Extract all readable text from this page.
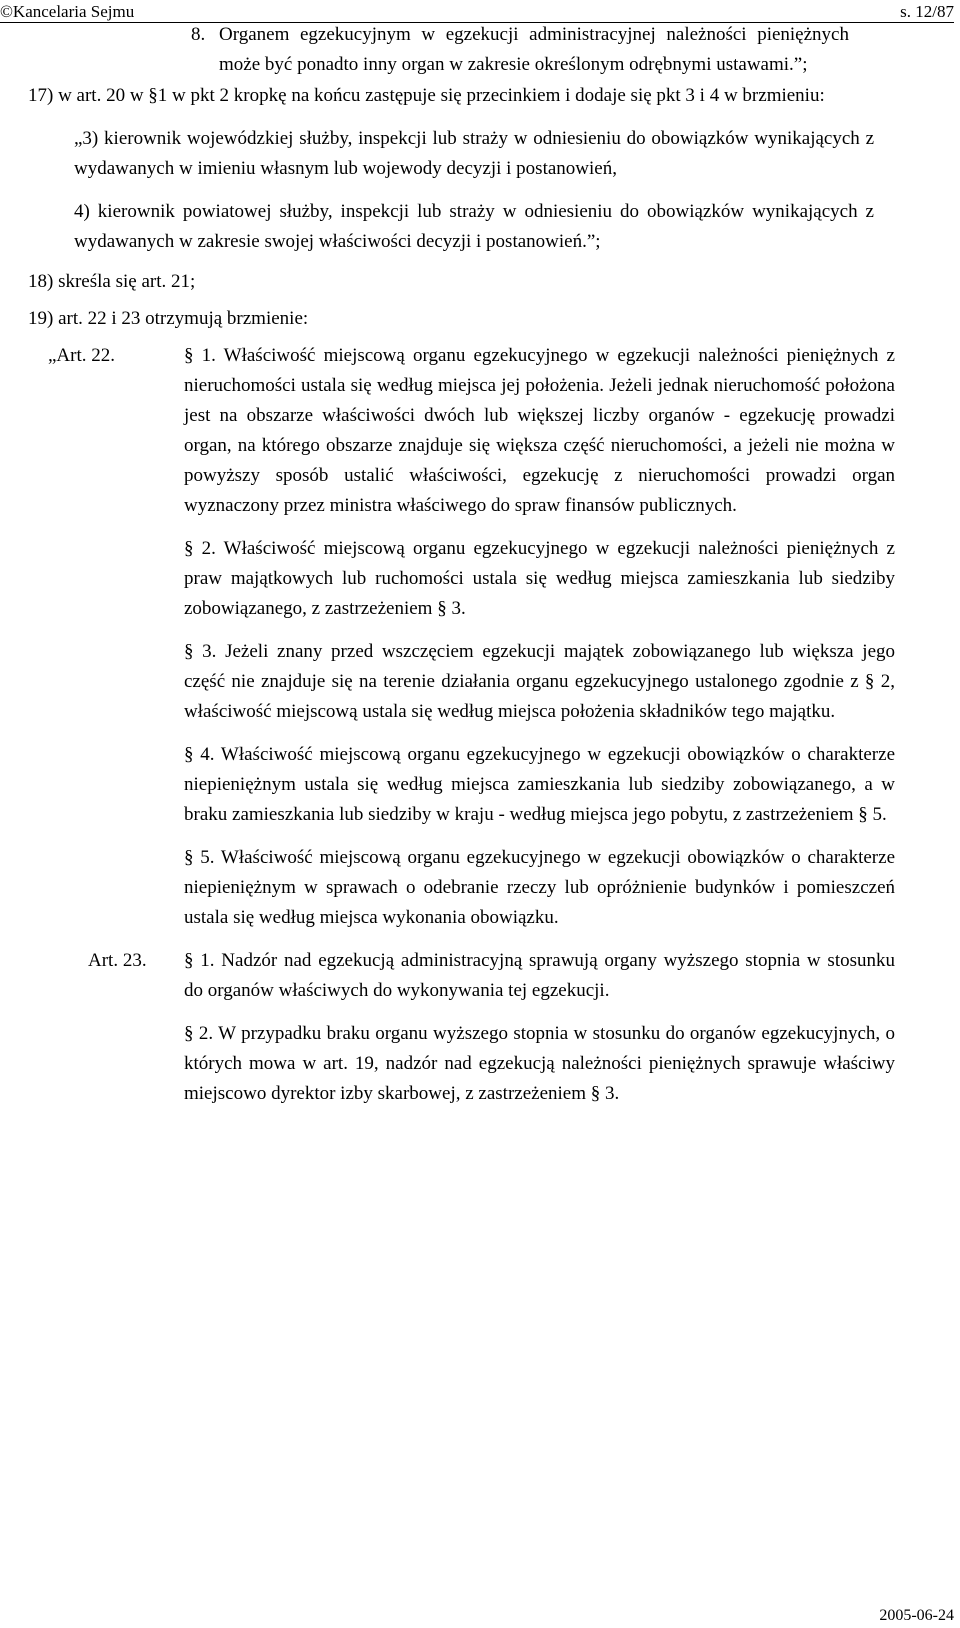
©Kancelaria Sejmu	s. 12/87
8. Organem egzekucyjnym w egzekucji administracyjnej należności pieniężnych może być ponadto inny organ w zakresie określonym odrębnymi ustawami.”;
17) w art. 20 w §1 w pkt 2 kropkę na końcu zastępuje się przecinkiem i dodaje się pkt 3 i 4 w brzmieniu:
„3) kierownik wojewódzkiej służby, inspekcji lub straży w odniesieniu do obowiązków wynikających z wydawanych w imieniu własnym lub wojewody decyzji i postanowień,
4) kierownik powiatowej służby, inspekcji lub straży w odniesieniu do obowiązków wynikających z wydawanych w zakresie swojej właściwości decyzji i postanowień.”;
18) skreśla się art. 21;
19) art. 22 i 23 otrzymują brzmienie:
„Art. 22.	§ 1. Właściwość miejscową organu egzekucyjnego w egzekucji należności pieniężnych z nieruchomości ustala się według miejsca jej położenia. Jeżeli jednak nieruchomość położona jest na obszarze właściwości dwóch lub większej liczby organów - egzekucję prowadzi organ, na którego obszarze znajduje się większa część nieruchomości, a jeżeli nie można w powyższy sposób ustalić właściwości, egzekucję z nieruchomości prowadzi organ wyznaczony przez ministra właściwego do spraw finansów publicznych.
§ 2. Właściwość miejscową organu egzekucyjnego w egzekucji należności pieniężnych z praw majątkowych lub ruchomości ustala się według miejsca zamieszkania lub siedziby zobowiązanego, z zastrzeżeniem § 3.
§ 3. Jeżeli znany przed wszczęciem egzekucji majątek zobowiązanego lub większa jego część nie znajduje się na terenie działania organu egzekucyjnego ustalonego zgodnie z § 2, właściwość miejscową ustala się według miejsca położenia składników tego majątku.
§ 4. Właściwość miejscową organu egzekucyjnego w egzekucji obowiązków o charakterze niepieniężnym ustala się według miejsca zamieszkania lub siedziby zobowiązanego, a w braku zamieszkania lub siedziby w kraju - według miejsca jego pobytu, z zastrzeżeniem § 5.
§ 5. Właściwość miejscową organu egzekucyjnego w egzekucji obowiązków o charakterze niepieniężnym w sprawach o odebranie rzeczy lub opróżnienie budynków i pomieszczeń ustala się według miejsca wykonania obowiązku.
Art. 23. § 1. Nadzór nad egzekucją administracyjną sprawują organy wyższego stopnia w stosunku do organów właściwych do wykonywania tej egzekucji.
§ 2. W przypadku braku organu wyższego stopnia w stosunku do organów egzekucyjnych, o których mowa w art. 19, nadzór nad egzekucją należności pieniężnych sprawuje właściwy miejscowo dyrektor izby skarbowej, z zastrzeżeniem § 3.
2005-06-24
